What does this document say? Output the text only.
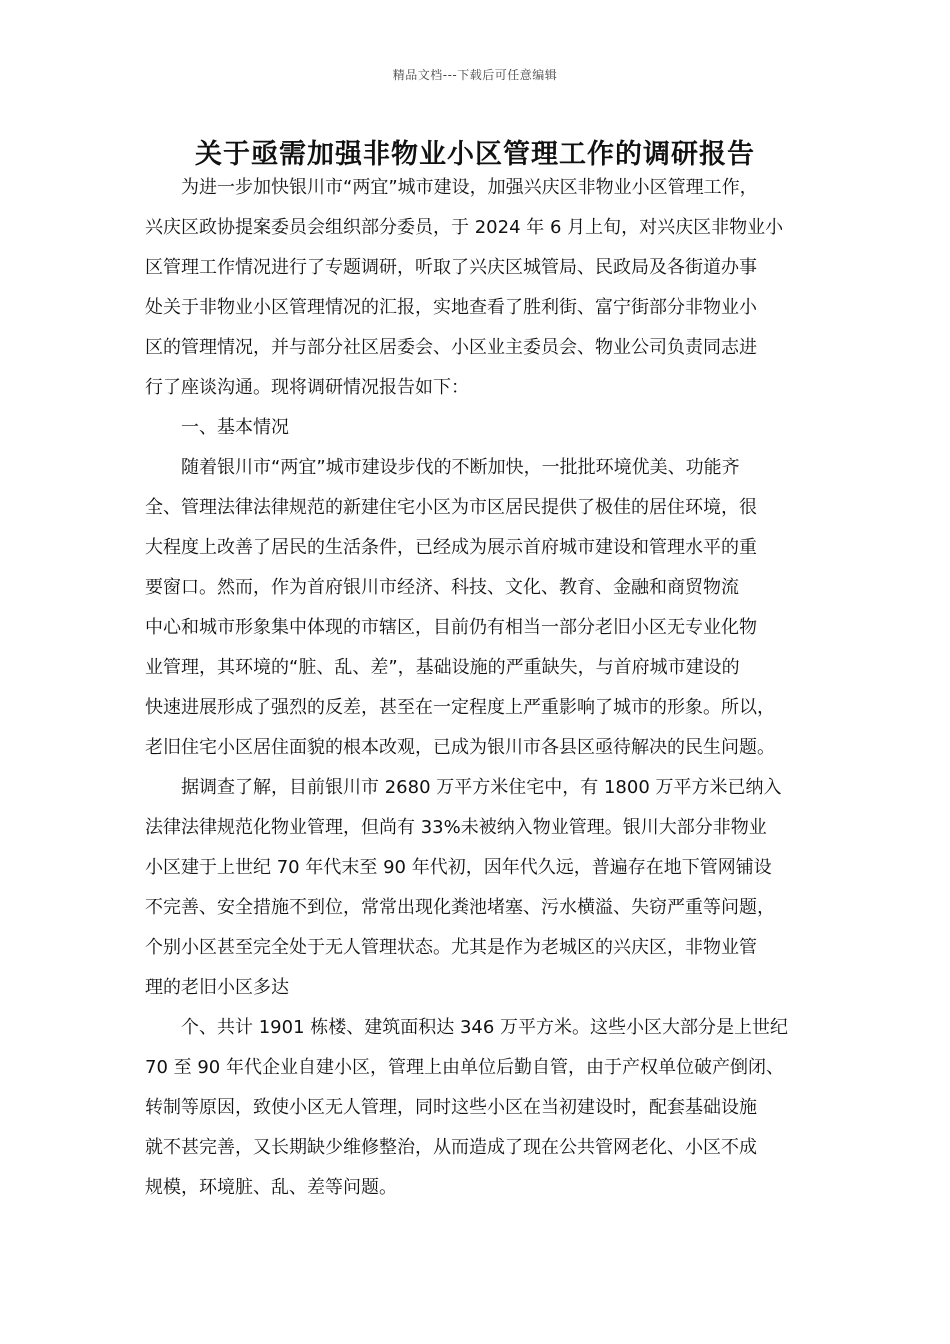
精品文档---下载后可任意编辑
关于亟需加强非物业小区管理工作的调研报告
为进一步加快银川市“两宜”城市建设，加强兴庆区非物业小区管理工作，
兴庆区政协提案委员会组织部分委员，于 2024 年 6 月上旬，对兴庆区非物业小
区管理工作情况进行了专题调研，听取了兴庆区城管局、民政局及各街道办事
处关于非物业小区管理情况的汇报，实地查看了胜利街、富宁街部分非物业小
区的管理情况，并与部分社区居委会、小区业主委员会、物业公司负责同志进
行了座谈沟通。现将调研情况报告如下：
一、基本情况
随着银川市“两宜”城市建设步伐的不断加快，一批批环境优美、功能齐
全、管理法律法律规范的新建住宅小区为市区居民提供了极佳的居住环境，很
大程度上改善了居民的生活条件，已经成为展示首府城市建设和管理水平的重
要窗口。然而，作为首府银川市经济、科技、文化、教育、金融和商贸物流
中心和城市形象集中体现的市辖区，目前仍有相当一部分老旧小区无专业化物
业管理，其环境的“脏、乱、差”，基础设施的严重缺失，与首府城市建设的
快速进展形成了强烈的反差，甚至在一定程度上严重影响了城市的形象。所以，
老旧住宅小区居住面貌的根本改观，已成为银川市各县区亟待解决的民生问题。
据调查了解，目前银川市 2680 万平方米住宅中，有 1800 万平方米已纳入
法律法律规范化物业管理，但尚有 33%未被纳入物业管理。银川大部分非物业
小区建于上世纪 70 年代末至 90 年代初，因年代久远，普遍存在地下管网铺设
不完善、安全措施不到位，常常出现化粪池堵塞、污水横溢、失窃严重等问题，
个别小区甚至完全处于无人管理状态。尤其是作为老城区的兴庆区，非物业管
理的老旧小区多达
个、共计 1901 栋楼、建筑面积达 346 万平方米。这些小区大部分是上世纪
70 至 90 年代企业自建小区，管理上由单位后勤自管，由于产权单位破产倒闭、
转制等原因，致使小区无人管理，同时这些小区在当初建设时，配套基础设施
就不甚完善，又长期缺少维修整治，从而造成了现在公共管网老化、小区不成
规模，环境脏、乱、差等问题。
